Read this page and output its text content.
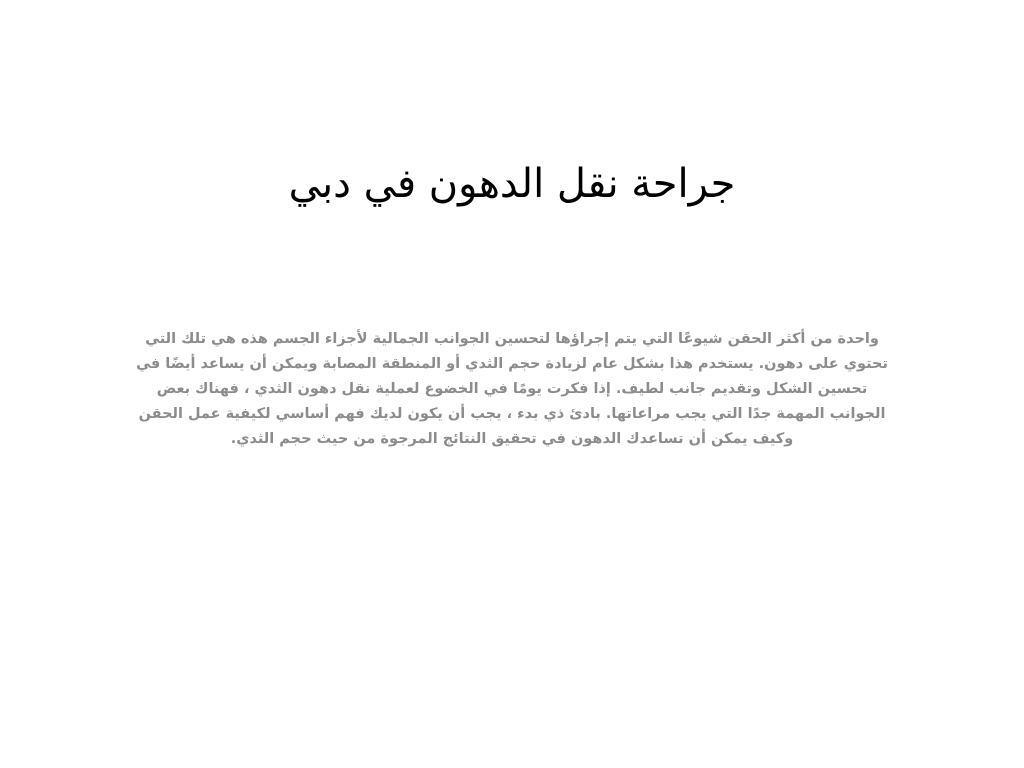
جراحة نقل الدهون في دبي

واحدة من أكثر الحقن شيوعًا التي يتم إجراؤها لتحسين الجوانب الجمالية لأجزاء الجسم هذه هي تلك التي تحتوي على دهون. يستخدم هذا بشكل عام لزيادة حجم الثدي أو المنطقة المصابة ويمكن أن يساعد أيضًا في تحسين الشكل وتقديم جانب لطيف. إذا فكرت يومًا في الخضوع لعملية نقل دهون الثدي ، فهناك بعض الجوانب المهمة جدًا التي يجب مراعاتها. بادئ ذي بدء ، يجب أن يكون لديك فهم أساسي لكيفية عمل الحقن وكيف يمكن أن تساعدك الدهون في تحقيق النتائج المرجوة من حيث حجم الثدي.
